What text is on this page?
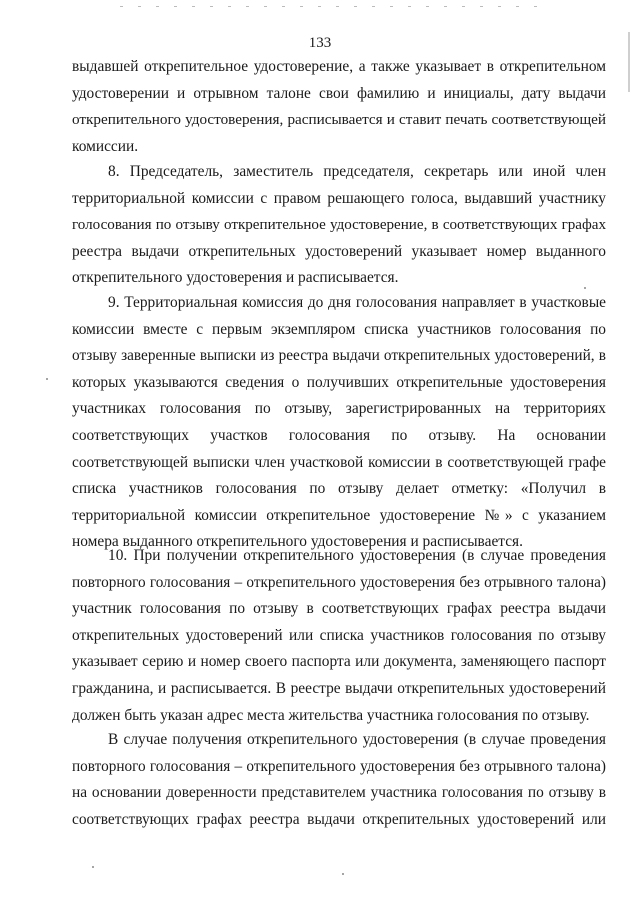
133
выдавшей открепительное удостоверение, а также указывает в открепительном
удостоверении и отрывном талоне свои фамилию и инициалы, дату выдачи
открепительного удостоверения, расписывается и ставит печать соответствующей
комиссии.
8. Председатель, заместитель председателя, секретарь или иной член
территориальной комиссии с правом решающего голоса, выдавший участнику
голосования по отзыву открепительное удостоверение, в соответствующих графах
реестра выдачи открепительных удостоверений указывает номер выданного
открепительного удостоверения и расписывается.
9. Территориальная комиссия до дня голосования направляет в участковые
комиссии вместе с первым экземпляром списка участников голосования по
отзыву заверенные выписки из реестра выдачи открепительных удостоверений, в
которых указываются сведения о получивших открепительные удостоверения
участниках голосования по отзыву, зарегистрированных на территориях
соответствующих участков голосования по отзыву. На основании
соответствующей выписки член участковой комиссии в соответствующей графе
списка участников голосования по отзыву делает отметку: «Получил в
территориальной комиссии открепительное удостоверение №» с указанием
номера выданного открепительного удостоверения и расписывается.
10. При получении открепительного удостоверения (в случае проведения
повторного голосования – открепительного удостоверения без отрывного талона)
участник голосования по отзыву в соответствующих графах реестра выдачи
открепительных удостоверений или списка участников голосования по отзыву
указывает серию и номер своего паспорта или документа, заменяющего паспорт
гражданина, и расписывается. В реестре выдачи открепительных удостоверений
должен быть указан адрес места жительства участника голосования по отзыву.
В случае получения открепительного удостоверения (в случае проведения
повторного голосования – открепительного удостоверения без отрывного талона)
на основании доверенности представителем участника голосования по отзыву в
соответствующих графах реестра выдачи открепительных удостоверений или
